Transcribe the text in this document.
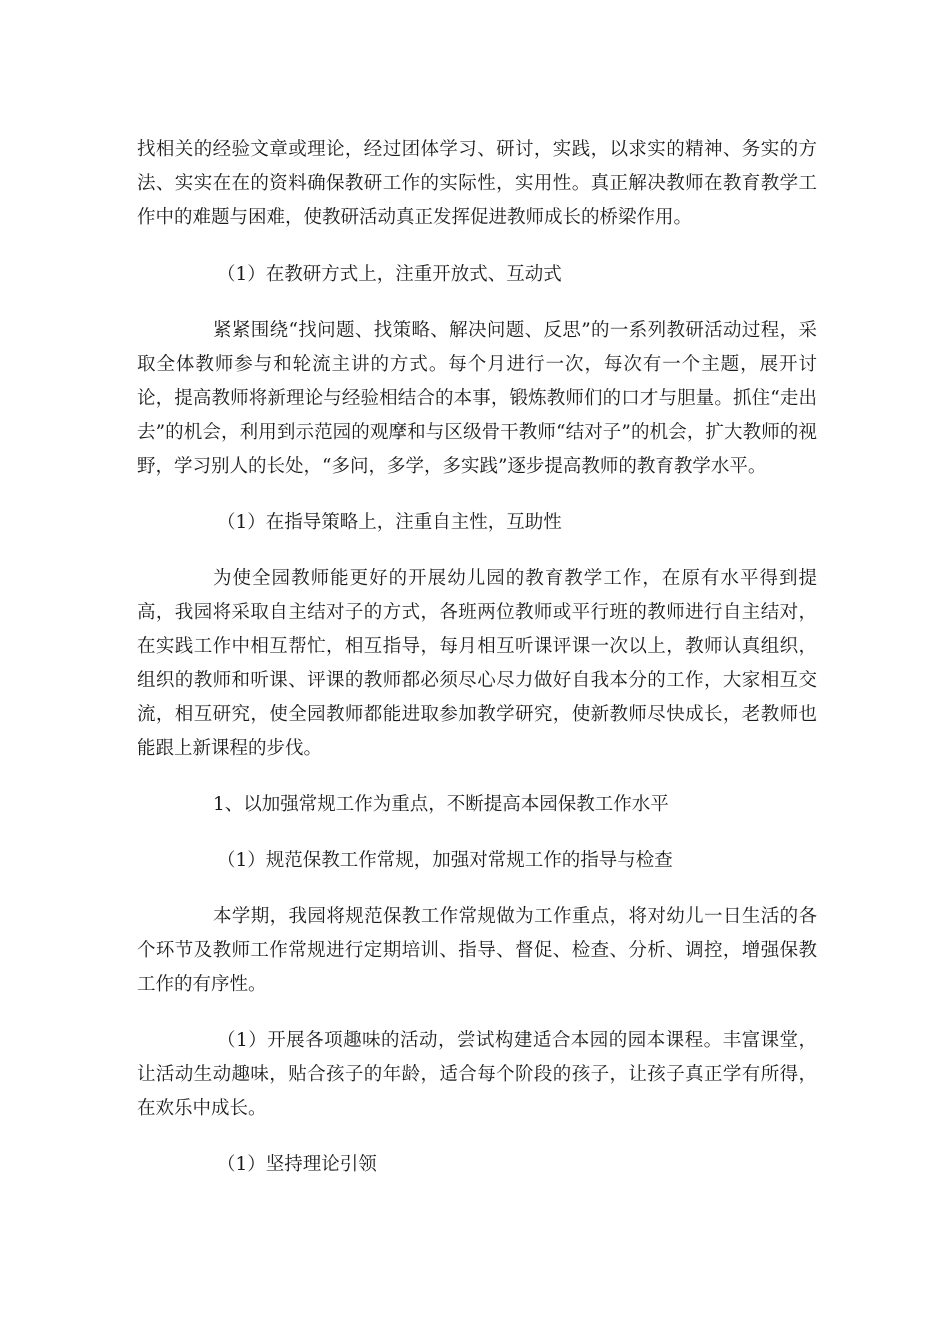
找相关的经验文章或理论，经过团体学习、研讨，实践，以求实的精神、务实的方法、实实在在的资料确保教研工作的实际性，实用性。真正解决教师在教育教学工作中的难题与困难，使教研活动真正发挥促进教师成长的桥梁作用。

（1）在教研方式上，注重开放式、互动式

紧紧围绕“找问题、找策略、解决问题、反思”的一系列教研活动过程，采取全体教师参与和轮流主讲的方式。每个月进行一次，每次有一个主题，展开讨论，提高教师将新理论与经验相结合的本事，锻炼教师们的口才与胆量。抓住“走出去”的机会，利用到示范园的观摩和与区级骨干教师“结对子”的机会，扩大教师的视野，学习别人的长处，“多问，多学，多实践”逐步提高教师的教育教学水平。

（1）在指导策略上，注重自主性，互助性

为使全园教师能更好的开展幼儿园的教育教学工作，在原有水平得到提高，我园将采取自主结对子的方式，各班两位教师或平行班的教师进行自主结对，在实践工作中相互帮忙，相互指导，每月相互听课评课一次以上，教师认真组织，组织的教师和听课、评课的教师都必须尽心尽力做好自我本分的工作，大家相互交流，相互研究，使全园教师都能进取参加教学研究，使新教师尽快成长，老教师也能跟上新课程的步伐。

1、以加强常规工作为重点，不断提高本园保教工作水平

（1）规范保教工作常规，加强对常规工作的指导与检查

本学期，我园将规范保教工作常规做为工作重点，将对幼儿一日生活的各个环节及教师工作常规进行定期培训、指导、督促、检查、分析、调控，增强保教工作的有序性。

（1）开展各项趣味的活动，尝试构建适合本园的园本课程。丰富课堂，让活动生动趣味，贴合孩子的年龄，适合每个阶段的孩子，让孩子真正学有所得，在欢乐中成长。

（1）坚持理论引领
